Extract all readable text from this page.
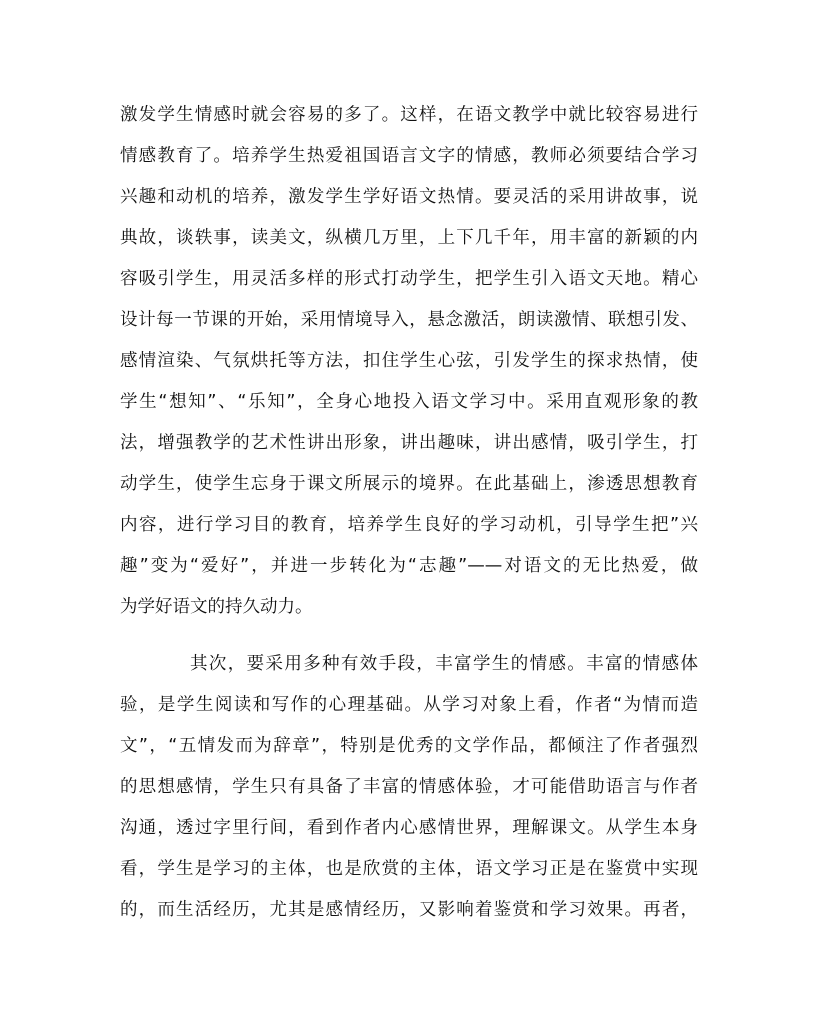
激发学生情感时就会容易的多了。这样，在语文教学中就比较容易进行
情感教育了。培养学生热爱祖国语言文字的情感，教师必须要结合学习
兴趣和动机的培养，激发学生学好语文热情。要灵活的采用讲故事，说
典故，谈轶事，读美文，纵横几万里，上下几千年，用丰富的新颖的内
容吸引学生，用灵活多样的形式打动学生，把学生引入语文天地。精心
设计每一节课的开始，采用情境导入，悬念激活，朗读激情、联想引发、
感情渲染、气氛烘托等方法，扣住学生心弦，引发学生的探求热情，使
学生“想知”、“乐知”，全身心地投入语文学习中。采用直观形象的教
法，增强教学的艺术性讲出形象，讲出趣味，讲出感情，吸引学生，打
动学生，使学生忘身于课文所展示的境界。在此基础上，渗透思想教育
内容，进行学习目的教育，培养学生良好的学习动机，引导学生把”兴
趣”变为“爱好”，并进一步转化为“志趣”——对语文的无比热爱，做
为学好语文的持久动力。
其次，要采用多种有效手段，丰富学生的情感。丰富的情感体
验，是学生阅读和写作的心理基础。从学习对象上看，作者“为情而造
文”，“五情发而为辞章”，特别是优秀的文学作品，都倾注了作者强烈
的思想感情，学生只有具备了丰富的情感体验，才可能借助语言与作者
沟通，透过字里行间，看到作者内心感情世界，理解课文。从学生本身
看，学生是学习的主体，也是欣赏的主体，语文学习正是在鉴赏中实现
的，而生活经历，尤其是感情经历，又影响着鉴赏和学习效果。再者，
